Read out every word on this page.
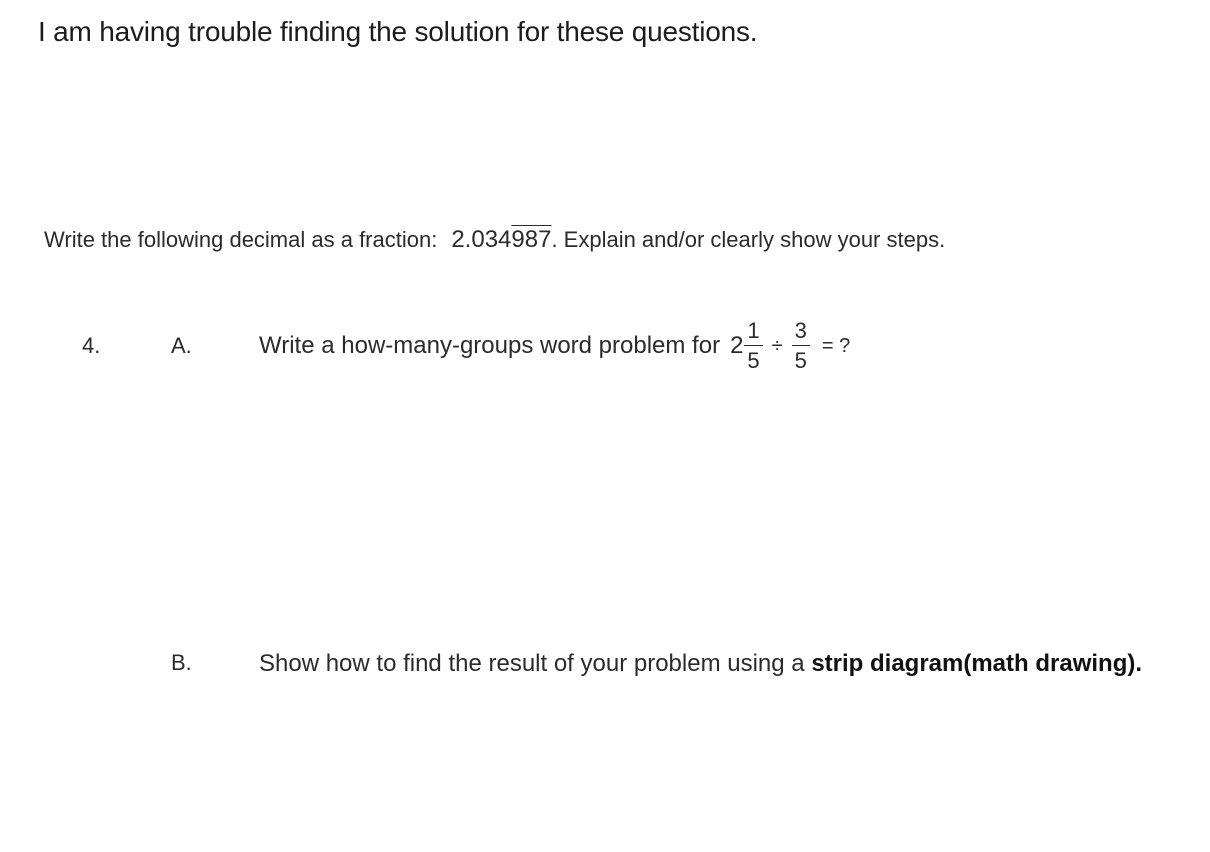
I am having trouble finding the solution for these questions.
Write the following decimal as a fraction: 2.034987. Explain and/or clearly show your steps.
4.	A.	Write a how-many-groups word problem for $2 \frac{1}{5} \div \frac{3}{5}$ = ?
B.	Show how to find the result of your problem using a strip diagram(math drawing).
